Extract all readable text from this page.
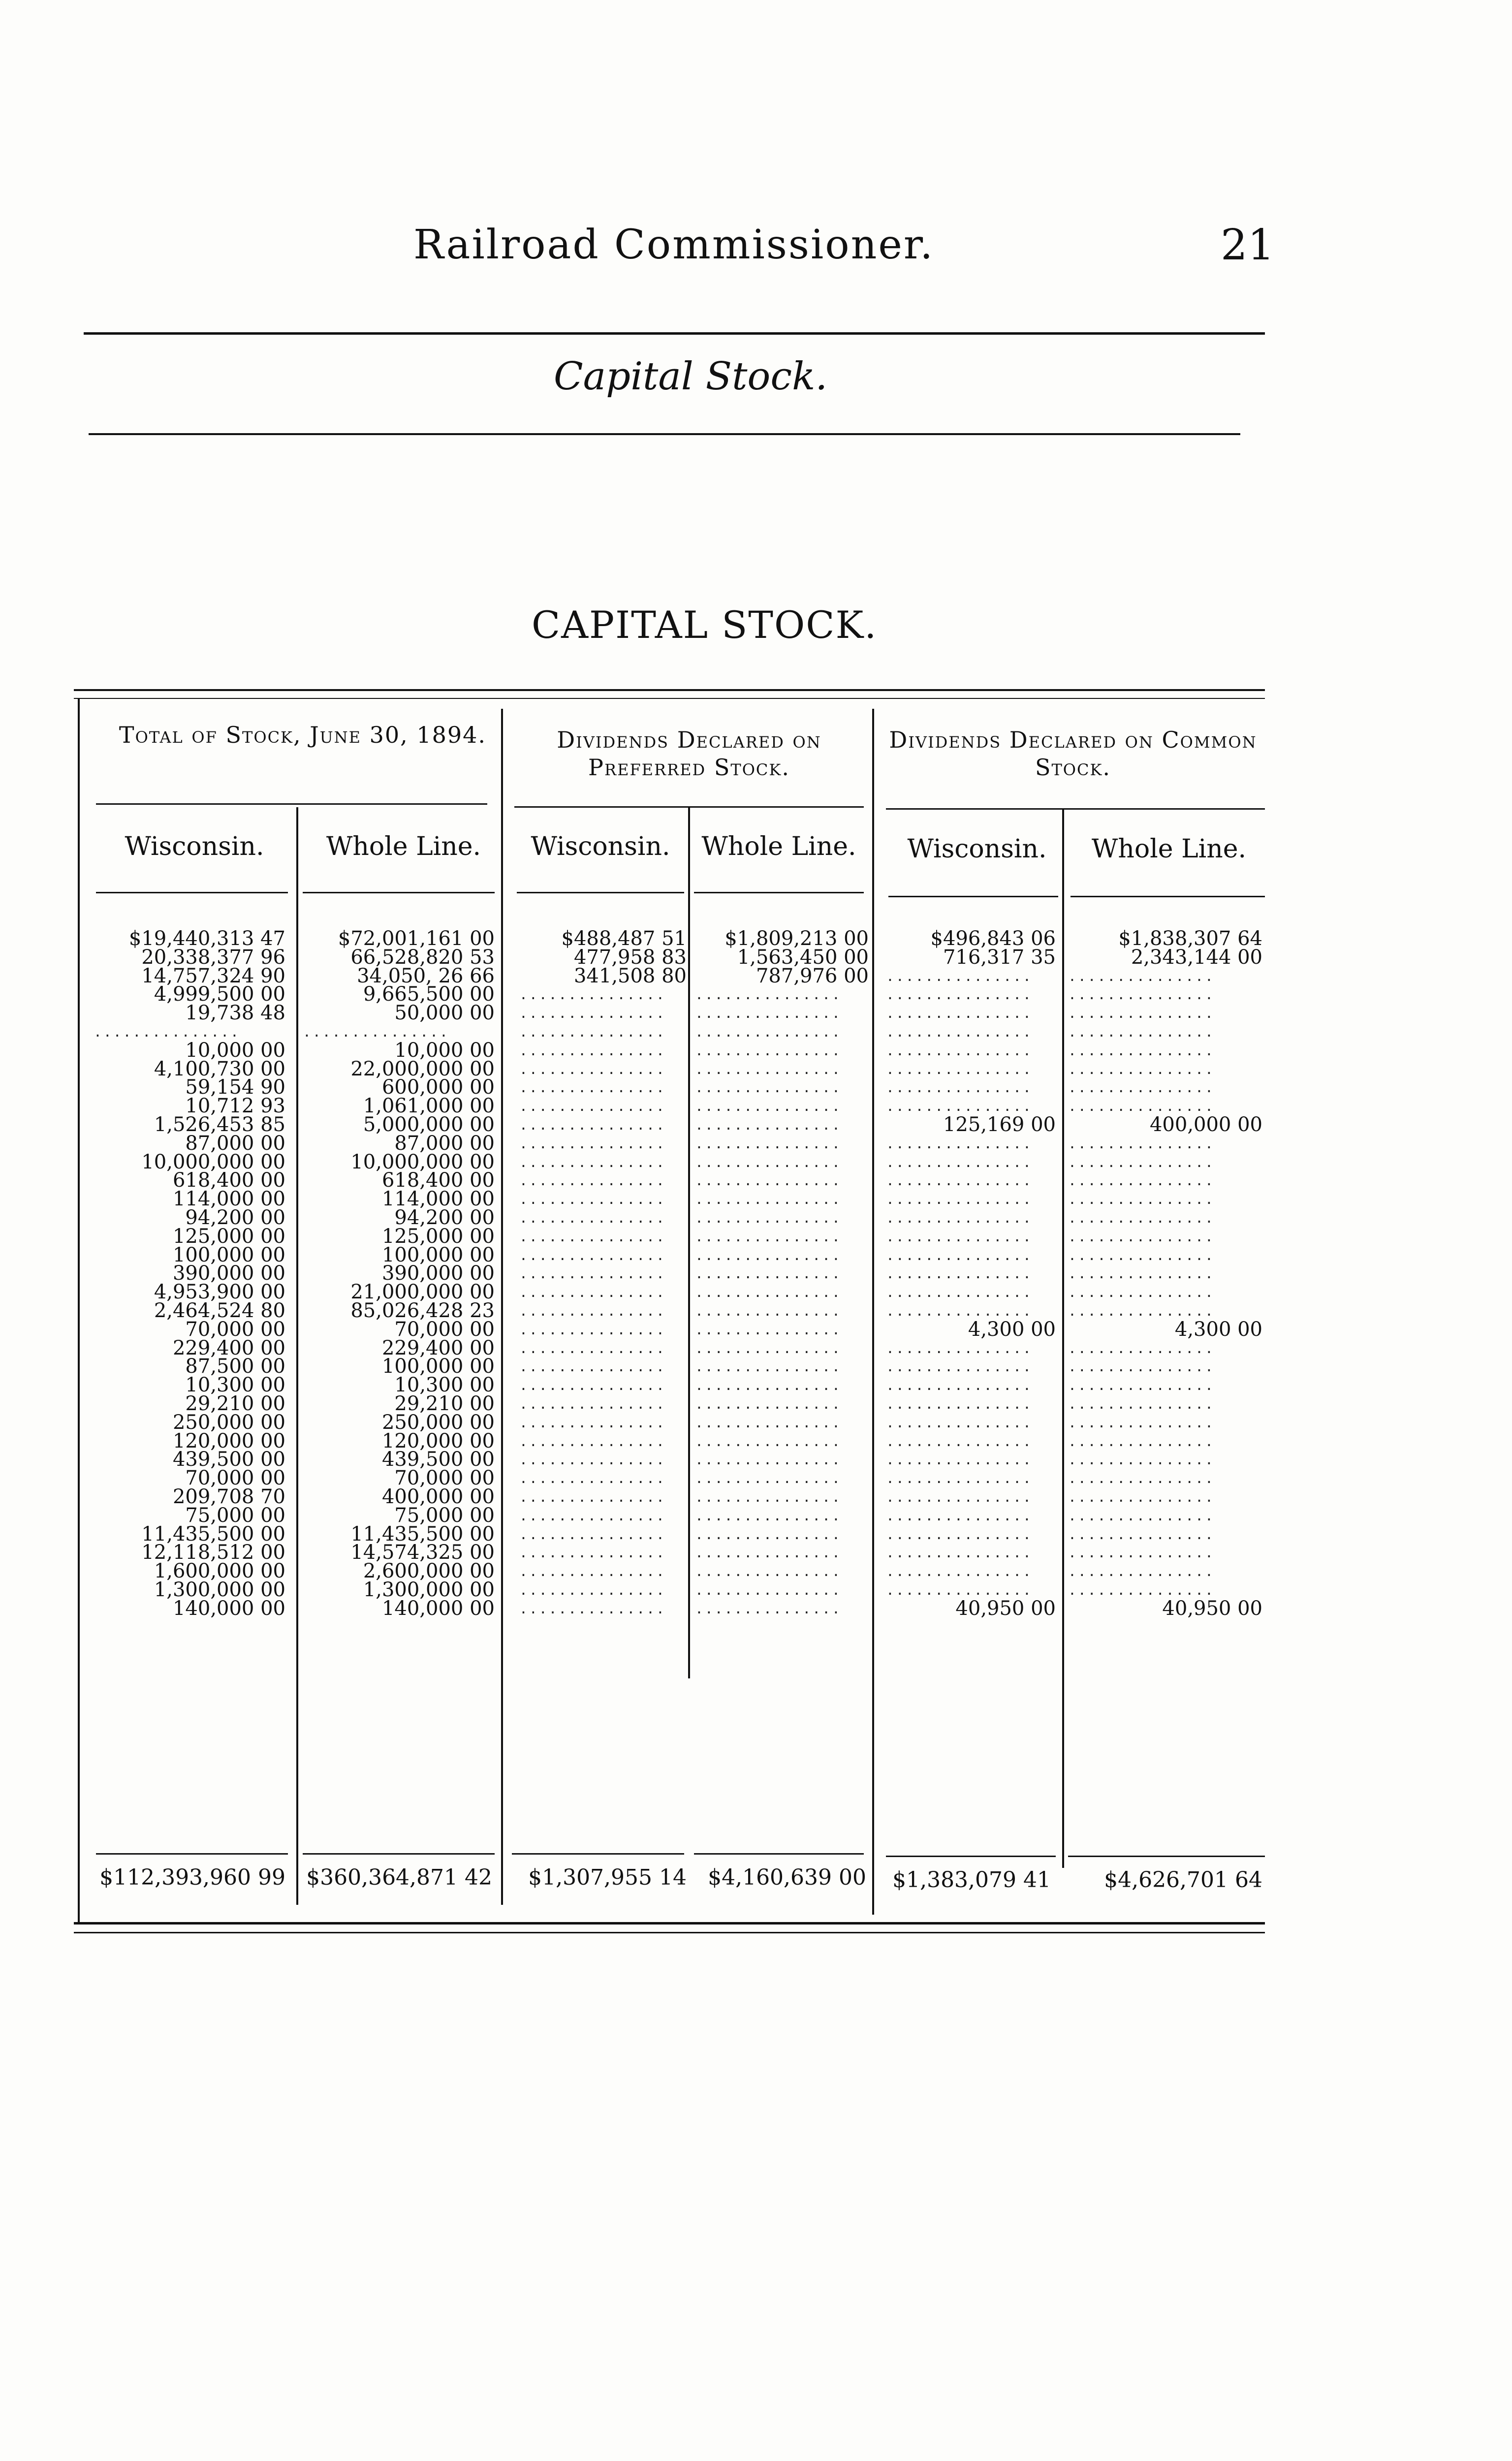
Railroad Commissioner.	21
Capital Stock.
CAPITAL STOCK.
Total of Stock, June 30, 1894.	Dividends Declared on Preferred Stock.
Dividends Declared on Common Stock.
Wisconsin.	Whole Line.	Wisconsin.	Whole Line.	Wisconsin.	Whole Line.
$19,440,313 47	$72,001,161 00	$488,487 51	$1,809,213 00	$496,843 06	$1,838,307 64
20,338,377 96	66,528,820 53	477,958 83	1,563,450 00	716,317 35	2,343,144 00
14,757,324 90	34,050, 26 66	341,508 80	787,976 00 ...............	...............
4,999,500 00	9,665,500 00 ...............	...............	...............	...............
19,738 48	50,000 00 ...............	...............	...............	...............
...............	...............	...............	...............	...............	...............
10,000 00	10,000 00 ...............	...............	...............	...............
4,100,730 00	22,000,000 00 ...............	...............	...............	...............
59,154 90	600,000 00 ...............	...............	...............	...............
10,712 93	1,061,000 00 ...............	...............	...............	...............
1,526,453 85	5,000,000 00 ...............	...............	125,169 00	400,000 00
87,000 00	87,000 00 ...............	...............	...............	...............
10,000,000 00	10,000,000 00 ...............	...............	...............	...............
618,400 00	618,400 00 ...............	...............	...............	...............
114,000 00	114,000 00 ...............	...............	...............	...............
94,200 00	94,200 00 ...............	...............	...............	...............
125,000 00	125,000 00 ...............	...............	...............	...............
100,000 00	100,000 00 ...............	...............	...............	...............
390,000 00	390,000 00 ...............	...............	...............	...............
4,953,900 00	21,000,000 00 ...............	...............	...............	...............
2,464,524 80	85,026,428 23 ...............	...............	...............	...............
70,000 00	70,000 00 ...............	...............	4,300 00	4,300 00
229,400 00	229,400 00 ...............	...............	...............	...............
87,500 00	100,000 00 ...............	...............	...............	...............
10,300 00	10,300 00 ...............	...............	...............	...............
29,210 00	29,210 00 ...............	...............	...............	...............
250,000 00	250,000 00 ...............	...............	...............	...............
120,000 00	120,000 00 ...............	...............	...............	...............
439,500 00	439,500 00 ...............	...............	...............	...............
70,000 00	70,000 00 ...............	...............	...............	...............
209,708 70	400,000 00 ...............	...............	...............	...............
75,000 00	75,000 00 ...............	...............	...............	...............
11,435,500 00	11,435,500 00 ...............	...............	...............	...............
12,118,512 00	14,574,325 00 ...............	...............	...............	...............
1,600,000 00	2,600,000 00 ...............	...............	...............	...............
1,300,000 00	1,300,000 00 ...............	...............	...............	...............
140,000 00	140,000 00 ...............	...............	40,950 00	40,950 00
$112,393,960 99 $360,364,871 42	$1,307,955 14 $4,160,639 00	$1,383,079 41	$4,626,701 64
